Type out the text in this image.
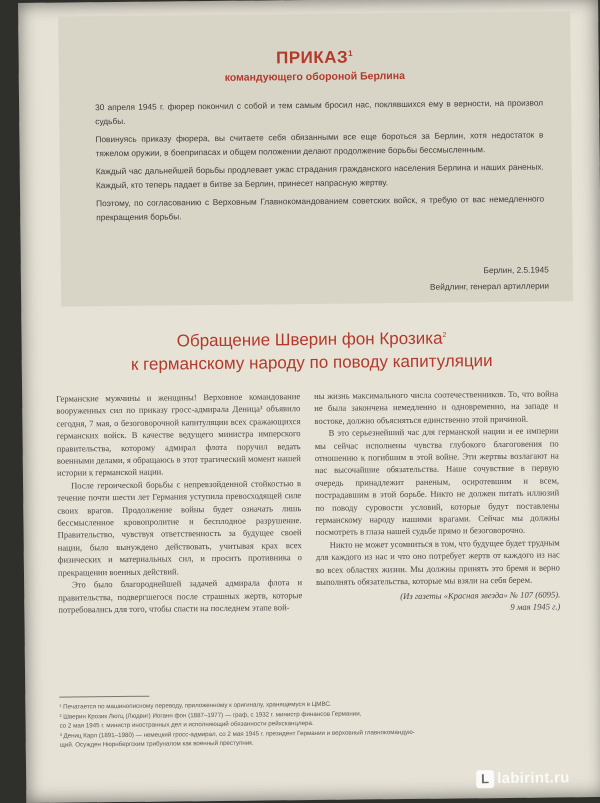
ПРИКАЗ$^1$
командующего обороной Берлина

30 апреля 1945 г. фюрер покончил с собой и тем самым бросил нас, поклявшихся ему в верности, на произвол судьбы.

Повинуясь приказу фюрера, вы считаете себя обязанными все еще бороться за Берлин, хотя недостаток в тяжелом оружии, в боеприпасах и общем положении делают продолжение борьбы бессмысленным.

Каждый час дальнейшей борьбы продлевает ужас страдания гражданского населения Берлина и наших раненых. Каждый, кто теперь падает в битве за Берлин, принесет напрасную жертву.

Поэтому, по согласованию с Верховным Главнокомандованием советских войск, я требую от вас немедленного прекращения борьбы.

Берлин, 2.5.1945
Вейдлинг, генерал артиллерии
Обращение Шверин фон Крозика$^2$
к германскому народу по поводу капитуляции

Германские мужчины и женщины! Верховное командование вооруженных сил по приказу гросс-адмирала Деница³ объявило сегодня, 7 мая, о безоговорочной капитуляции всех сражающихся германских войск. В качестве ведущего министра имперского правительства, которому адмирал флота поручил ведать военными делами, я обращаюсь в этот трагический момент нашей истории к германской нации.

После героической борьбы с непревзойденной стойкостью в течение почти шести лет Германия уступила превосходящей силе своих врагов. Продолжение войны будет означать лишь бессмысленное кровопролитие и бесплодное разрушение. Правительство, чувствуя ответственность за будущее своей нации, было вынуждено действовать, учитывая крах всех физических и материальных сил, и просить противника о прекращении военных действий.

Это было благороднейшей задачей адмирала флота и правительства, подвергшегося после страшных жертв, которые потребовались для того, чтобы спасти на последнем этапе вой-

ны жизнь максимального числа соотечественников. То, что война не была закончена немедленно и одновременно, на западе и востоке, должно объясняться единственно этой причиной.

В это серьезнейший час для германской нации и ее империи мы сейчас исполнены чувства глубокого благоговения по отношению к погибшим в этой войне. Эти жертвы возлагают на нас высочайшие обязательства. Наше сочувствие в первую очередь принадлежит раненым, осиротевшим и всем, пострадавшим в этой борьбе. Никто не должен питать иллюзий по поводу суровости условий, которые будут поставлены германскому народу нашими врагами. Сейчас мы должны посмотреть в глаза нашей судьбе прямо и безоговорочно.

Никто не может усомниться в том, что будущее будет трудным для каждого из нас и что оно потребует жертв от каждого из нас во всех областях жизни. Мы должны принять это бремя и верно выполнять обязательства, которые мы взяли на себя берем.

(Из газеты «Красная звезда» № 107 (6095).
9 мая 1945 г.)
¹ Печатается по машинописному переводу, приложенному к оригиналу, хранящемуся в ЦМВС.
² Шверин Крозик Лютц (Людвиг) Иоганн фон (1887–1977) — граф, с 1932 г. министр финансов Германии,
со 2 мая 1945 г. министр иностранных дел и исполняющий обязанности рейхсканцлера.
³ Дениц Карл (1891–1980) — немецкий гросс-адмирал, со 2 мая 1945 г. президент Германии и верховный главнокомандую-
щий. Осужден Нюрнбергским трибуналом как военный преступник.
L labirint.ru
